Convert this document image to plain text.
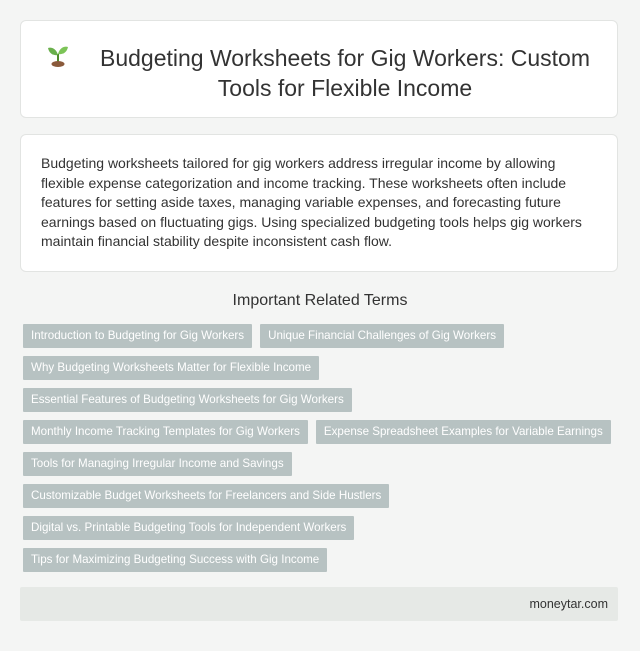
Budgeting Worksheets for Gig Workers: Custom Tools for Flexible Income

Budgeting worksheets tailored for gig workers address irregular income by allowing flexible expense categorization and income tracking. These worksheets often include features for setting aside taxes, managing variable expenses, and forecasting future earnings based on fluctuating gigs. Using specialized budgeting tools helps gig workers maintain financial stability despite inconsistent cash flow.

Important Related Terms
Introduction to Budgeting for Gig Workers	Unique Financial Challenges of Gig Workers
Why Budgeting Worksheets Matter for Flexible Income
Essential Features of Budgeting Worksheets for Gig Workers
Monthly Income Tracking Templates for Gig Workers	Expense Spreadsheet Examples for Variable Earnings
Tools for Managing Irregular Income and Savings
Customizable Budget Worksheets for Freelancers and Side Hustlers
Digital vs. Printable Budgeting Tools for Independent Workers
Tips for Maximizing Budgeting Success with Gig Income
moneytar.com
